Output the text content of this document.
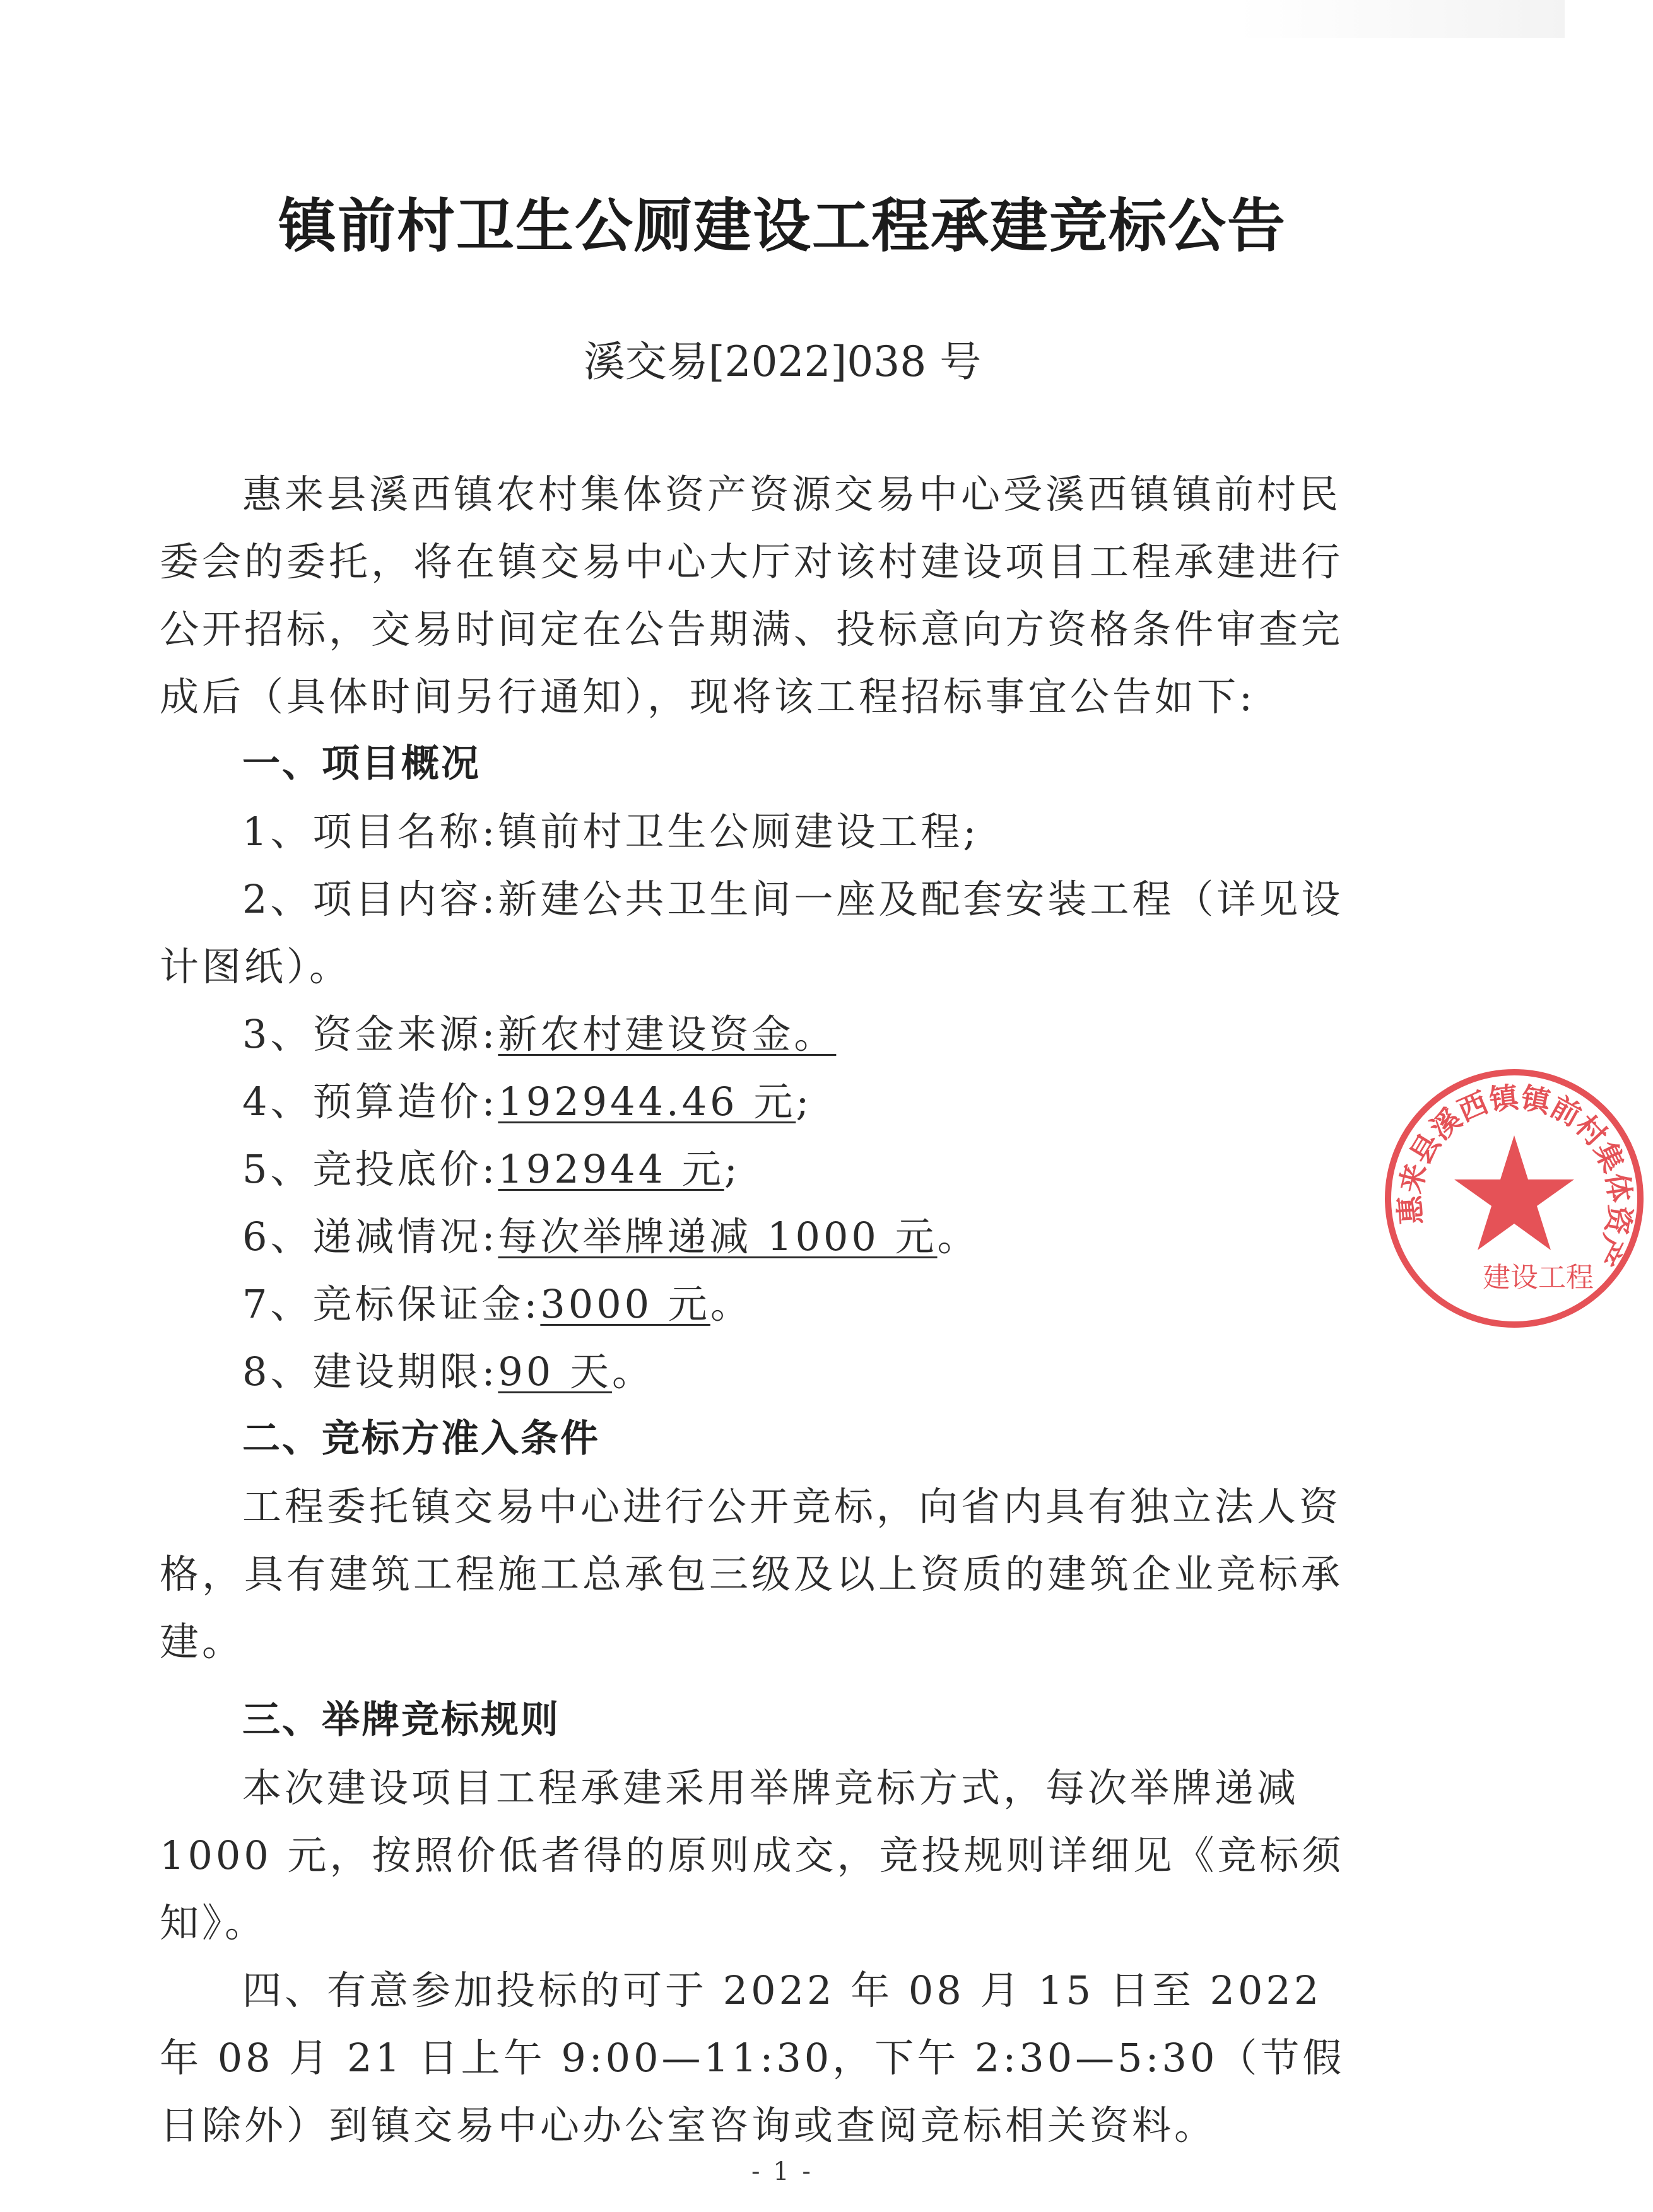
镇前村卫生公厕建设工程承建竞标公告
溪交易[2022]038 号

惠来县溪西镇农村集体资产资源交易中心受溪西镇镇前村民委会的委托，将在镇交易中心大厅对该村建设项目工程承建进行公开招标，交易时间定在公告期满、投标意向方资格条件审查完成后（具体时间另行通知），现将该工程招标事宜公告如下:

一、项目概况

1、项目名称:镇前村卫生公厕建设工程;

2、项目内容:新建公共卫生间一座及配套安装工程（详见设计图纸）。

3、资金来源:新农村建设资金。

4、预算造价:192944.46 元;

5、竞投底价:192944 元;

6、递减情况:每次举牌递减 1000 元。

7、竞标保证金:3000 元。

8、建设期限:90 天。

二、竞标方准入条件

工程委托镇交易中心进行公开竞标，向省内具有独立法人资格，具有建筑工程施工总承包三级及以上资质的建筑企业竞标承建。

三、举牌竞标规则

本次建设项目工程承建采用举牌竞标方式，每次举牌递减 1000 元，按照价低者得的原则成交，竞投规则详细见《竞标须知》。

四、有意参加投标的可于 2022 年 08 月 15 日至 2022 年 08 月 21 日上午 9:00—11:30，下午 2:30—5:30（节假日除外）到镇交易中心办公室咨询或查阅竞标相关资料。

惠来县溪西镇镇前村集体资产
建设工程
- 1 -
